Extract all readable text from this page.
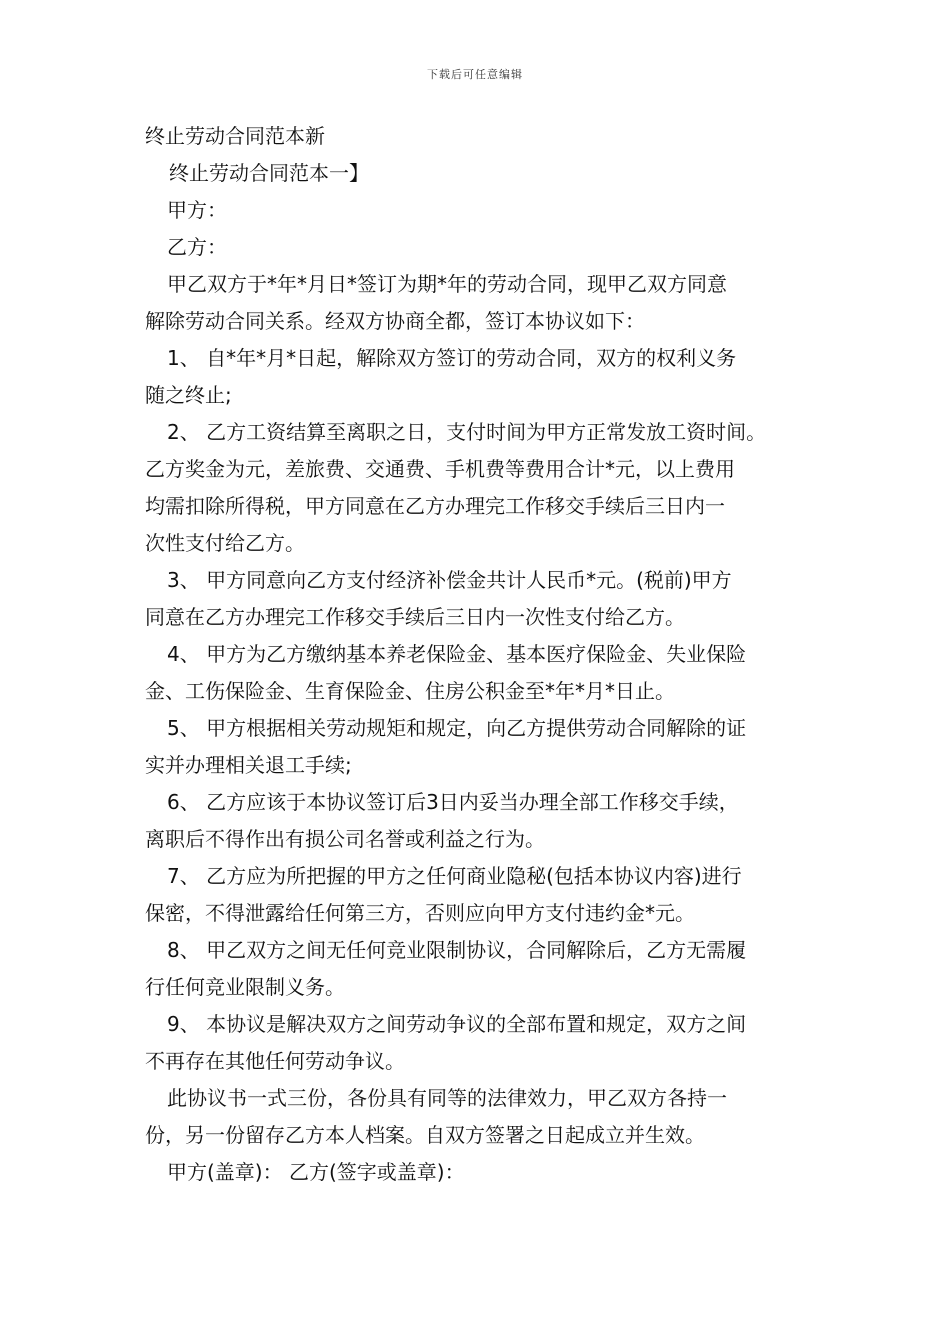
下载后可任意编辑
终止劳动合同范本新
终止劳动合同范本一】
甲方：
乙方：
甲乙双方于*年*月日*签订为期*年的劳动合同，现甲乙双方同意
解除劳动合同关系。经双方协商全都，签订本协议如下：
1、 自*年*月*日起，解除双方签订的劳动合同，双方的权利义务
随之终止;
2、 乙方工资结算至离职之日，支付时间为甲方正常发放工资时间。
乙方奖金为元，差旅费、交通费、手机费等费用合计*元，以上费用
均需扣除所得税，甲方同意在乙方办理完工作移交手续后三日内一
次性支付给乙方。
3、 甲方同意向乙方支付经济补偿金共计人民币*元。(税前)甲方
同意在乙方办理完工作移交手续后三日内一次性支付给乙方。
4、 甲方为乙方缴纳基本养老保险金、基本医疗保险金、失业保险
金、工伤保险金、生育保险金、住房公积金至*年*月*日止。
5、 甲方根据相关劳动规矩和规定，向乙方提供劳动合同解除的证
实并办理相关退工手续;
6、 乙方应该于本协议签订后3日内妥当办理全部工作移交手续，
离职后不得作出有损公司名誉或利益之行为。
7、 乙方应为所把握的甲方之任何商业隐秘(包括本协议内容)进行
保密，不得泄露给任何第三方，否则应向甲方支付违约金*元。
8、 甲乙双方之间无任何竞业限制协议，合同解除后，乙方无需履
行任何竞业限制义务。
9、 本协议是解决双方之间劳动争议的全部布置和规定，双方之间
不再存在其他任何劳动争议。
此协议书一式三份，各份具有同等的法律效力，甲乙双方各持一
份，另一份留存乙方本人档案。自双方签署之日起成立并生效。
甲方(盖章)： 乙方(签字或盖章)：
